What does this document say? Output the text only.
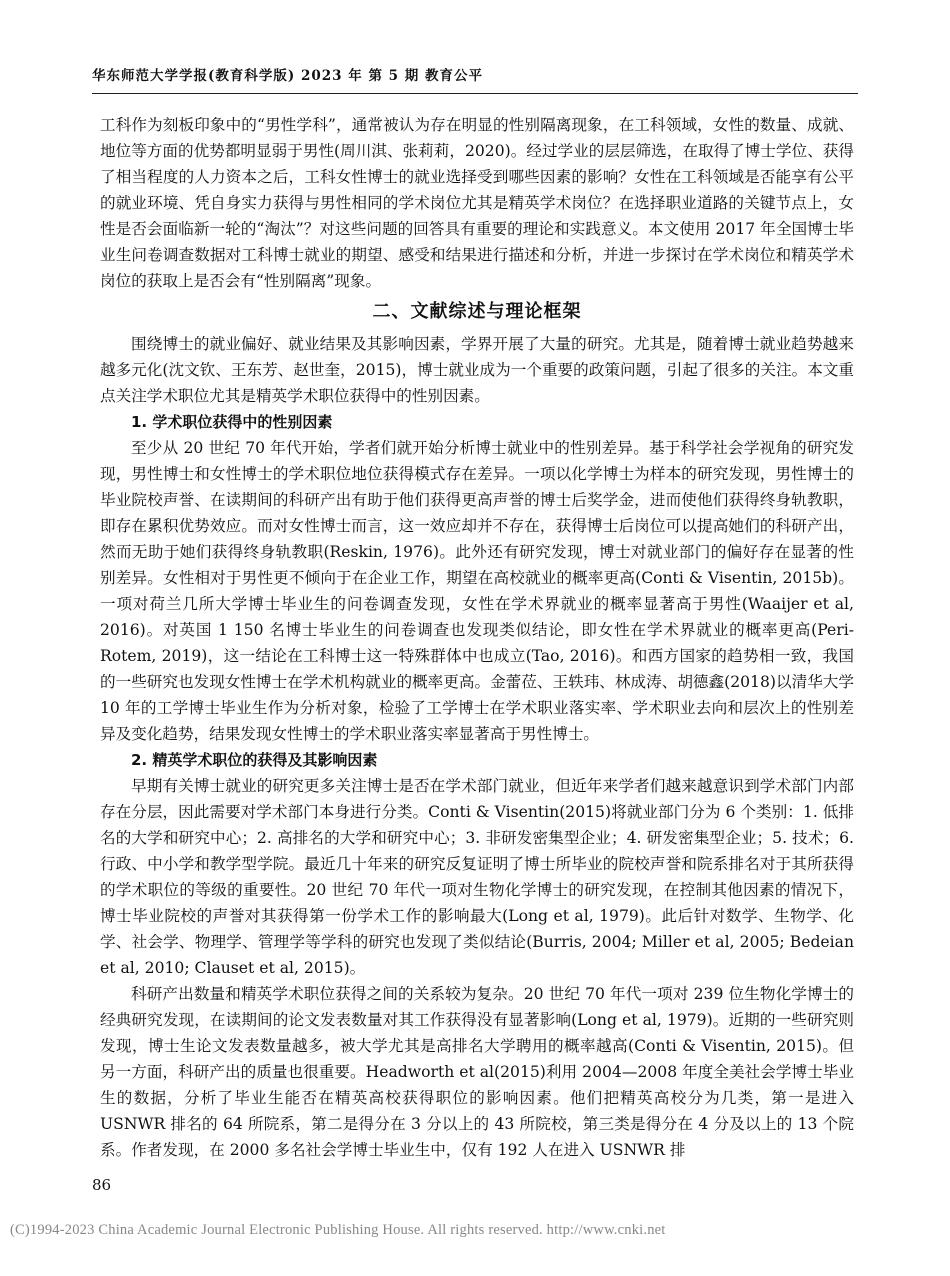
华东师范大学学报(教育科学版) 2023 年 第 5 期 教育公平

工科作为刻板印象中的“男性学科”，通常被认为存在明显的性别隔离现象，在工科领域，女性的数量、成就、地位等方面的优势都明显弱于男性(周川淇、张莉莉，2020)。经过学业的层层筛选，在取得了博士学位、获得了相当程度的人力资本之后，工科女性博士的就业选择受到哪些因素的影响？女性在工科领域是否能享有公平的就业环境、凭自身实力获得与男性相同的学术岗位尤其是精英学术岗位？在选择职业道路的关键节点上，女性是否会面临新一轮的“淘汰”？对这些问题的回答具有重要的理论和实践意义。本文使用 2017 年全国博士毕业生问卷调查数据对工科博士就业的期望、感受和结果进行描述和分析，并进一步探讨在学术岗位和精英学术岗位的获取上是否会有“性别隔离”现象。

二、文献综述与理论框架

围绕博士的就业偏好、就业结果及其影响因素，学界开展了大量的研究。尤其是，随着博士就业趋势越来越多元化(沈文钦、王东芳、赵世奎，2015)，博士就业成为一个重要的政策问题，引起了很多的关注。本文重点关注学术职位尤其是精英学术职位获得中的性别因素。

1. 学术职位获得中的性别因素

至少从 20 世纪 70 年代开始，学者们就开始分析博士就业中的性别差异。基于科学社会学视角的研究发现，男性博士和女性博士的学术职位地位获得模式存在差异。一项以化学博士为样本的研究发现，男性博士的毕业院校声誉、在读期间的科研产出有助于他们获得更高声誉的博士后奖学金，进而使他们获得终身轨教职，即存在累积优势效应。而对女性博士而言，这一效应却并不存在，获得博士后岗位可以提高她们的科研产出，然而无助于她们获得终身轨教职(Reskin, 1976)。此外还有研究发现，博士对就业部门的偏好存在显著的性别差异。女性相对于男性更不倾向于在企业工作，期望在高校就业的概率更高(Conti & Visentin, 2015b)。一项对荷兰几所大学博士毕业生的问卷调查发现，女性在学术界就业的概率显著高于男性(Waaijer et al, 2016)。对英国 1 150 名博士毕业生的问卷调查也发现类似结论，即女性在学术界就业的概率更高(Peri-Rotem, 2019)，这一结论在工科博士这一特殊群体中也成立(Tao, 2016)。和西方国家的趋势相一致，我国的一些研究也发现女性博士在学术机构就业的概率更高。金蕾莅、王轶玮、林成涛、胡德鑫(2018)以清华大学 10 年的工学博士毕业生作为分析对象，检验了工学博士在学术职业落实率、学术职业去向和层次上的性别差异及变化趋势，结果发现女性博士的学术职业落实率显著高于男性博士。

2. 精英学术职位的获得及其影响因素

早期有关博士就业的研究更多关注博士是否在学术部门就业，但近年来学者们越来越意识到学术部门内部存在分层，因此需要对学术部门本身进行分类。Conti & Visentin(2015)将就业部门分为 6 个类别：1. 低排名的大学和研究中心；2. 高排名的大学和研究中心；3. 非研发密集型企业；4. 研发密集型企业；5. 技术；6. 行政、中小学和教学型学院。最近几十年来的研究反复证明了博士所毕业的院校声誉和院系排名对于其所获得的学术职位的等级的重要性。20 世纪 70 年代一项对生物化学博士的研究发现，在控制其他因素的情况下，博士毕业院校的声誉对其获得第一份学术工作的影响最大(Long et al, 1979)。此后针对数学、生物学、化学、社会学、物理学、管理学等学科的研究也发现了类似结论(Burris, 2004; Miller et al, 2005; Bedeian et al, 2010; Clauset et al, 2015)。

科研产出数量和精英学术职位获得之间的关系较为复杂。20 世纪 70 年代一项对 239 位生物化学博士的经典研究发现，在读期间的论文发表数量对其工作获得没有显著影响(Long et al, 1979)。近期的一些研究则发现，博士生论文发表数量越多，被大学尤其是高排名大学聘用的概率越高(Conti & Visentin, 2015)。但另一方面，科研产出的质量也很重要。Headworth et al(2015)利用 2004—2008 年度全美社会学博士毕业生的数据，分析了毕业生能否在精英高校获得职位的影响因素。他们把精英高校分为几类，第一是进入 USNWR 排名的 64 所院系，第二是得分在 3 分以上的 43 所院校，第三类是得分在 4 分及以上的 13 个院系。作者发现，在 2000 多名社会学博士毕业生中，仅有 192 人在进入 USNWR 排

86
(C)1994-2023 China Academic Journal Electronic Publishing House. All rights reserved. http://www.cnki.net
